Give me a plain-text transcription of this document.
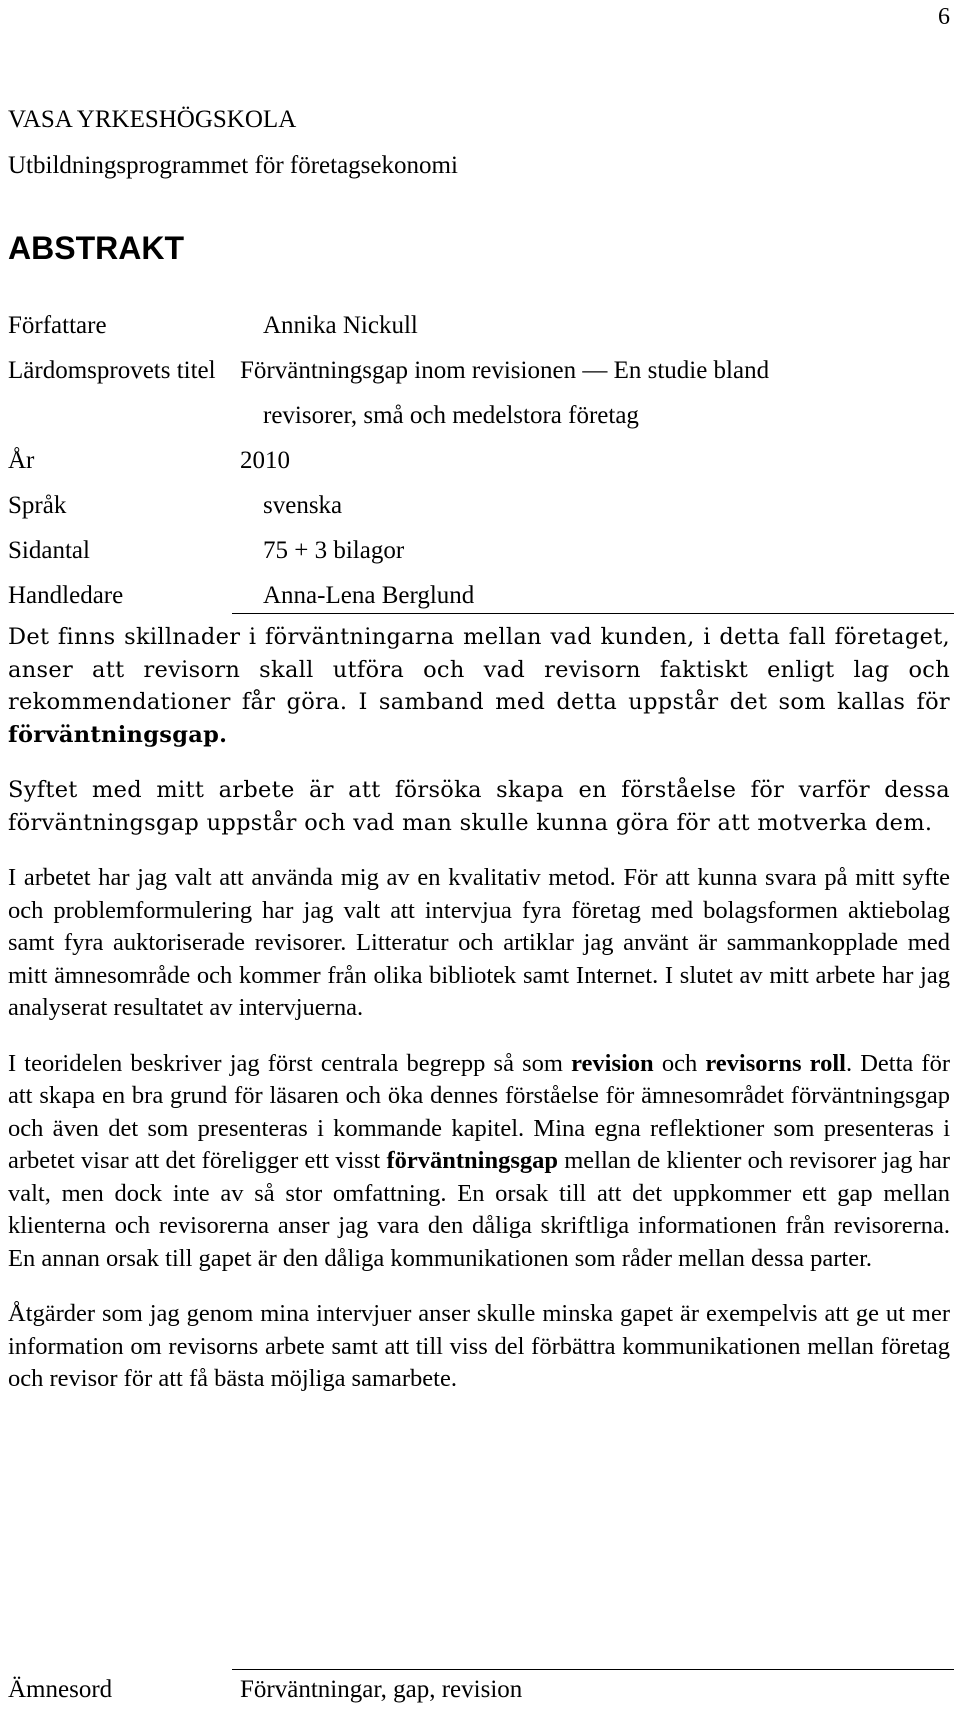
6
VASA YRKESHÖGSKOLA
Utbildningsprogrammet för företagsekonomi
ABSTRAKT
Författare	Annika Nickull
Lärdomsprovets titel Förväntningsgap inom revisionen — En studie bland
revisorer, små och medelstora företag
År	2010
Språk	svenska
Sidantal	75 + 3 bilagor
Handledare	Anna-Lena Berglund

Det finns skillnader i förväntningarna mellan vad kunden, i detta fall företaget, anser att revisorn skall utföra och vad revisorn faktiskt enligt lag och rekommendationer får göra. I samband med detta uppstår det som kallas för förväntningsgap.

Syftet med mitt arbete är att försöka skapa en förståelse för varför dessa förväntningsgap uppstår och vad man skulle kunna göra för att motverka dem.

I arbetet har jag valt att använda mig av en kvalitativ metod. För att kunna svara på mitt syfte och problemformulering har jag valt att intervjua fyra företag med bolagsformen aktiebolag samt fyra auktoriserade revisorer. Litteratur och artiklar jag använt är sammankopplade med mitt ämnesområde och kommer från olika bibliotek samt Internet. I slutet av mitt arbete har jag analyserat resultatet av intervjuerna.

I teoridelen beskriver jag först centrala begrepp så som revision och revisorns roll. Detta för att skapa en bra grund för läsaren och öka dennes förståelse för ämnesområdet förväntningsgap och även det som presenteras i kommande kapitel. Mina egna reflektioner som presenteras i arbetet visar att det föreligger ett visst förväntningsgap mellan de klienter och revisorer jag har valt, men dock inte av så stor omfattning. En orsak till att det uppkommer ett gap mellan klienterna och revisorerna anser jag vara den dåliga skriftliga informationen från revisorerna. En annan orsak till gapet är den dåliga kommunikationen som råder mellan dessa parter.

Åtgärder som jag genom mina intervjuer anser skulle minska gapet är exempelvis att ge ut mer information om revisorns arbete samt att till viss del förbättra kommunikationen mellan företag och revisor för att få bästa möjliga samarbete.

Ämnesord	Förväntningar, gap, revision
